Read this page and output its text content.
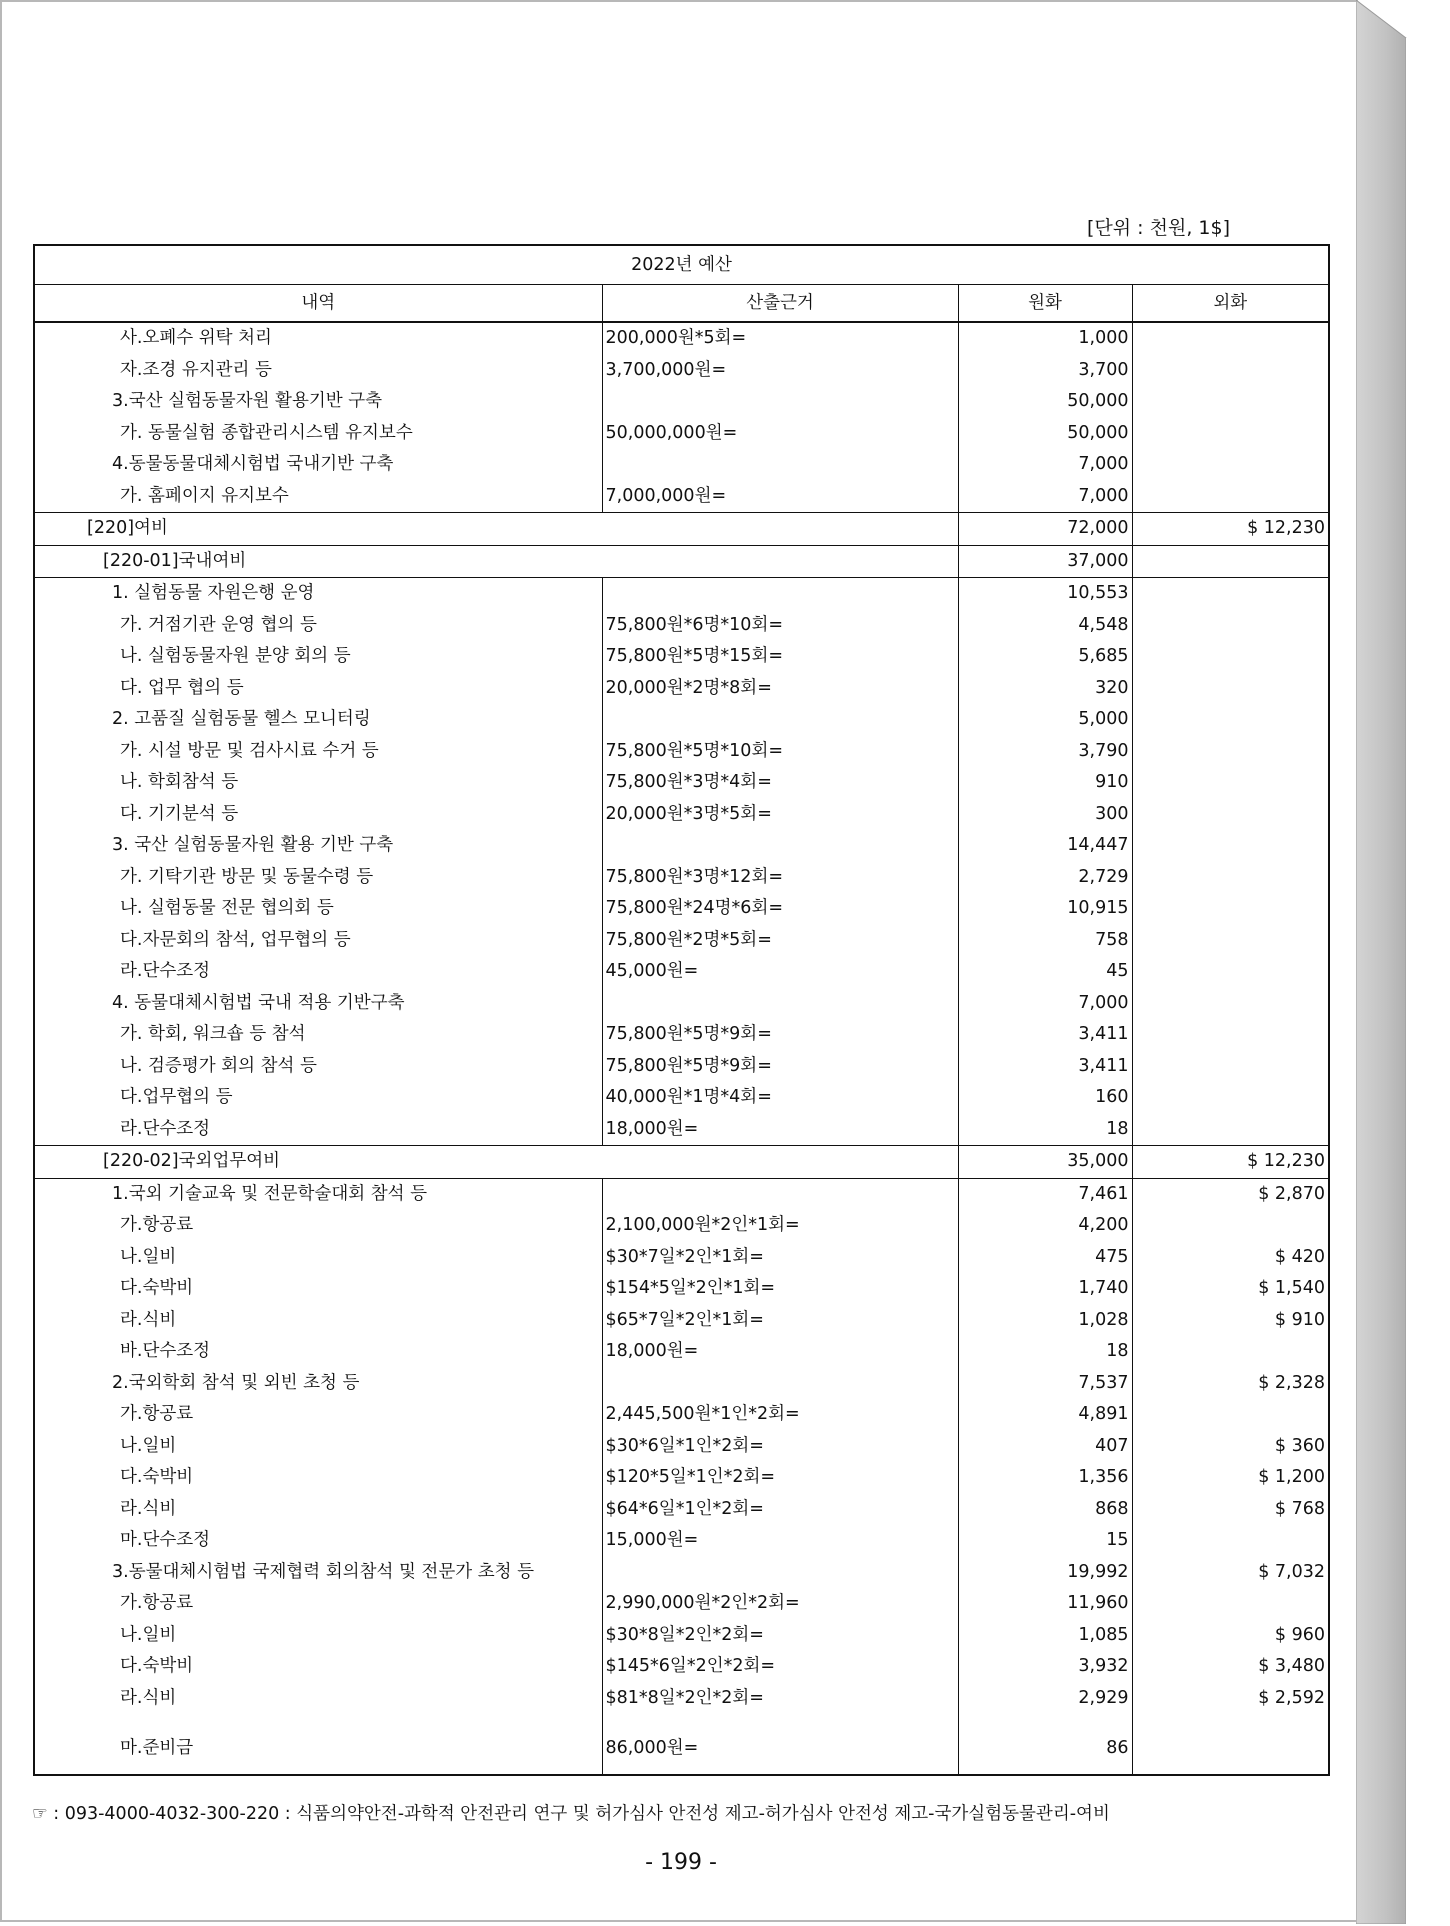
[단위 : 천원, 1$]
2022년 예산			
내역	산출근거	원화	외화
사.오폐수 위탁 처리	200,000원*5회=	1,000	
자.조경 유지관리 등	3,700,000원=	3,700	
3.국산 실험동물자원 활용기반 구축		50,000	
가. 동물실험 종합관리시스템 유지보수	50,000,000원=	50,000	
4.동물동물대체시험법 국내기반 구축		7,000	
가. 홈페이지 유지보수	7,000,000원=	7,000	
[220]여비		72,000	$ 12,230
[220-01]국내여비		37,000	
1. 실험동물 자원은행 운영		10,553	
가. 거점기관 운영 협의 등	75,800원*6명*10회=	4,548	
나. 실험동물자원 분양 회의 등	75,800원*5명*15회=	5,685	
다. 업무 협의 등	20,000원*2명*8회=	320	
2. 고품질 실험동물 헬스 모니터링		5,000	
가. 시설 방문 및 검사시료 수거 등	75,800원*5명*10회=	3,790	
나. 학회참석 등	75,800원*3명*4회=	910	
다. 기기분석 등	20,000원*3명*5회=	300	
3. 국산 실험동물자원 활용 기반 구축		14,447	
가. 기탁기관 방문 및 동물수령 등	75,800원*3명*12회=	2,729	
나. 실험동물 전문 협의회 등	75,800원*24명*6회=	10,915	
다.자문회의 참석, 업무협의 등	75,800원*2명*5회=	758	
라.단수조정	45,000원=	45	
4. 동물대체시험법 국내 적용 기반구축		7,000	
가. 학회, 워크숍 등 참석	75,800원*5명*9회=	3,411	
나. 검증평가 회의 참석 등	75,800원*5명*9회=	3,411	
다.업무협의 등	40,000원*1명*4회=	160	
라.단수조정	18,000원=	18	
[220-02]국외업무여비		35,000	$ 12,230
1.국외 기술교육 및 전문학술대회 참석 등		7,461	$ 2,870
가.항공료	2,100,000원*2인*1회=	4,200	
나.일비	$30*7일*2인*1회=	475	$ 420
다.숙박비	$154*5일*2인*1회=	1,740	$ 1,540
라.식비	$65*7일*2인*1회=	1,028	$ 910
바.단수조정	18,000원=	18	
2.국외학회 참석 및 외빈 초청 등		7,537	$ 2,328
가.항공료	2,445,500원*1인*2회=	4,891	
나.일비	$30*6일*1인*2회=	407	$ 360
다.숙박비	$120*5일*1인*2회=	1,356	$ 1,200
라.식비	$64*6일*1인*2회=	868	$ 768
마.단수조정	15,000원=	15	
3.동물대체시험법 국제협력 회의참석 및 전문가 초청 등		19,992	$ 7,032
가.항공료	2,990,000원*2인*2회=	11,960	
나.일비	$30*8일*2인*2회=	1,085	$ 960
다.숙박비	$145*6일*2인*2회=	3,932	$ 3,480
라.식비	$81*8일*2인*2회=	2,929	$ 2,592
마.준비금	86,000원=	86	
☞ : 093-4000-4032-300-220 : 식품의약안전-과학적 안전관리 연구 및 허가심사 안전성 제고-허가심사 안전성 제고-국가실험동물관리-여비
- 199 -
